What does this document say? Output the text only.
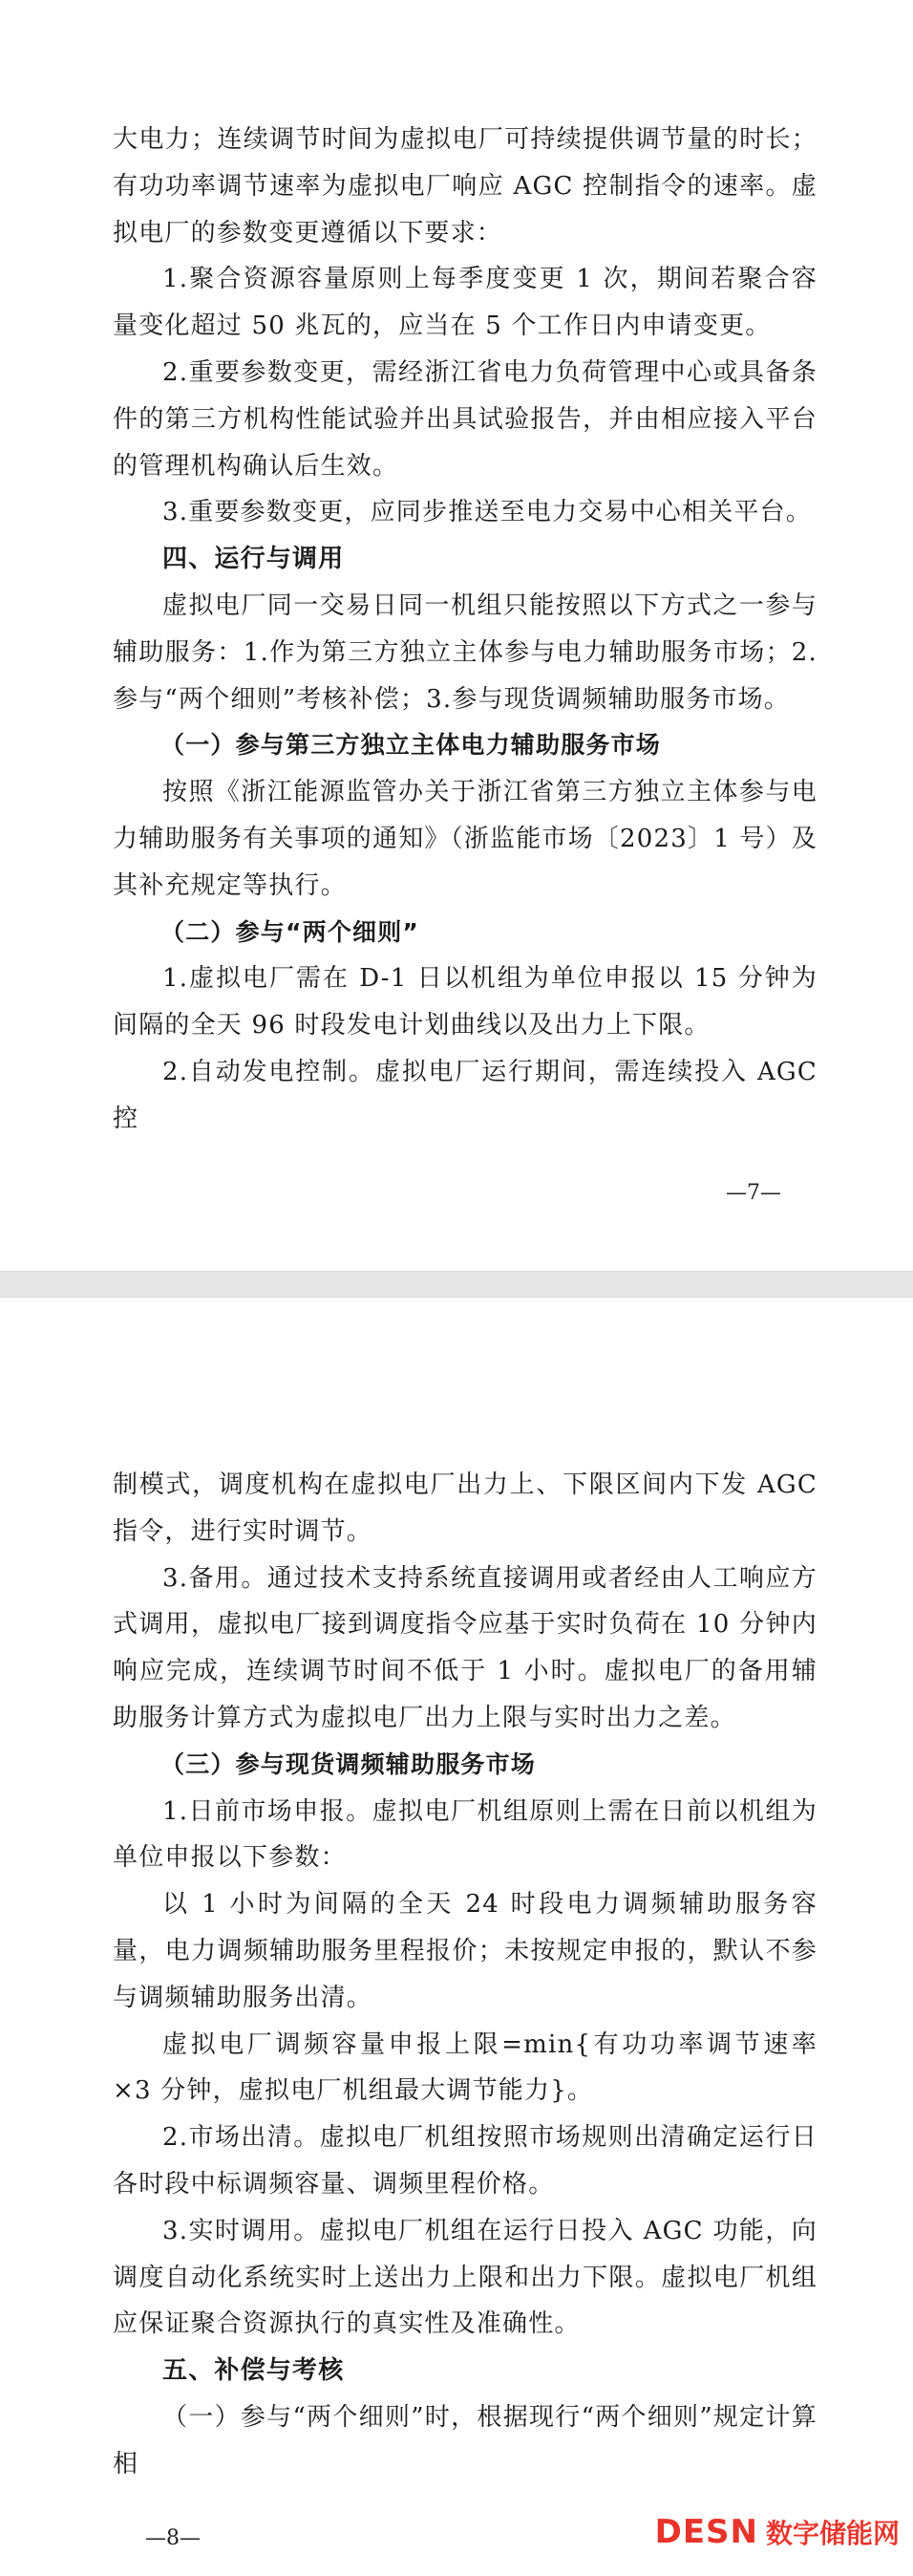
大电力；连续调节时间为虚拟电厂可持续提供调节量的时长；有功功率调节速率为虚拟电厂响应 AGC 控制指令的速率。虚拟电厂的参数变更遵循以下要求：

1.聚合资源容量原则上每季度变更 1 次，期间若聚合容量变化超过 50 兆瓦的，应当在 5 个工作日内申请变更。

2.重要参数变更，需经浙江省电力负荷管理中心或具备条件的第三方机构性能试验并出具试验报告，并由相应接入平台的管理机构确认后生效。

3.重要参数变更，应同步推送至电力交易中心相关平台。

四、运行与调用

虚拟电厂同一交易日同一机组只能按照以下方式之一参与辅助服务：1.作为第三方独立主体参与电力辅助服务市场；2.参与“两个细则”考核补偿；3.参与现货调频辅助服务市场。

（一）参与第三方独立主体电力辅助服务市场

按照《浙江能源监管办关于浙江省第三方独立主体参与电力辅助服务有关事项的通知》（浙监能市场〔2023〕1 号）及其补充规定等执行。

（二）参与“两个细则”

1.虚拟电厂需在 D-1 日以机组为单位申报以 15 分钟为间隔的全天 96 时段发电计划曲线以及出力上下限。

2.自动发电控制。虚拟电厂运行期间，需连续投入 AGC 控

—7—

制模式，调度机构在虚拟电厂出力上、下限区间内下发 AGC 指令，进行实时调节。

3.备用。通过技术支持系统直接调用或者经由人工响应方式调用，虚拟电厂接到调度指令应基于实时负荷在 10 分钟内响应完成，连续调节时间不低于 1 小时。虚拟电厂的备用辅助服务计算方式为虚拟电厂出力上限与实时出力之差。

（三）参与现货调频辅助服务市场

1.日前市场申报。虚拟电厂机组原则上需在日前以机组为单位申报以下参数：

以 1 小时为间隔的全天 24 时段电力调频辅助服务容量，电力调频辅助服务里程报价；未按规定申报的，默认不参与调频辅助服务出清。

虚拟电厂调频容量申报上限=min{有功功率调节速率 ×3 分钟，虚拟电厂机组最大调节能力}。

2.市场出清。虚拟电厂机组按照市场规则出清确定运行日各时段中标调频容量、调频里程价格。

3.实时调用。虚拟电厂机组在运行日投入 AGC 功能，向调度自动化系统实时上送出力上限和出力下限。虚拟电厂机组应保证聚合资源执行的真实性及准确性。

五、补偿与考核

（一）参与“两个细则”时，根据现行“两个细则”规定计算相

—8—	DESN 数字储能网
